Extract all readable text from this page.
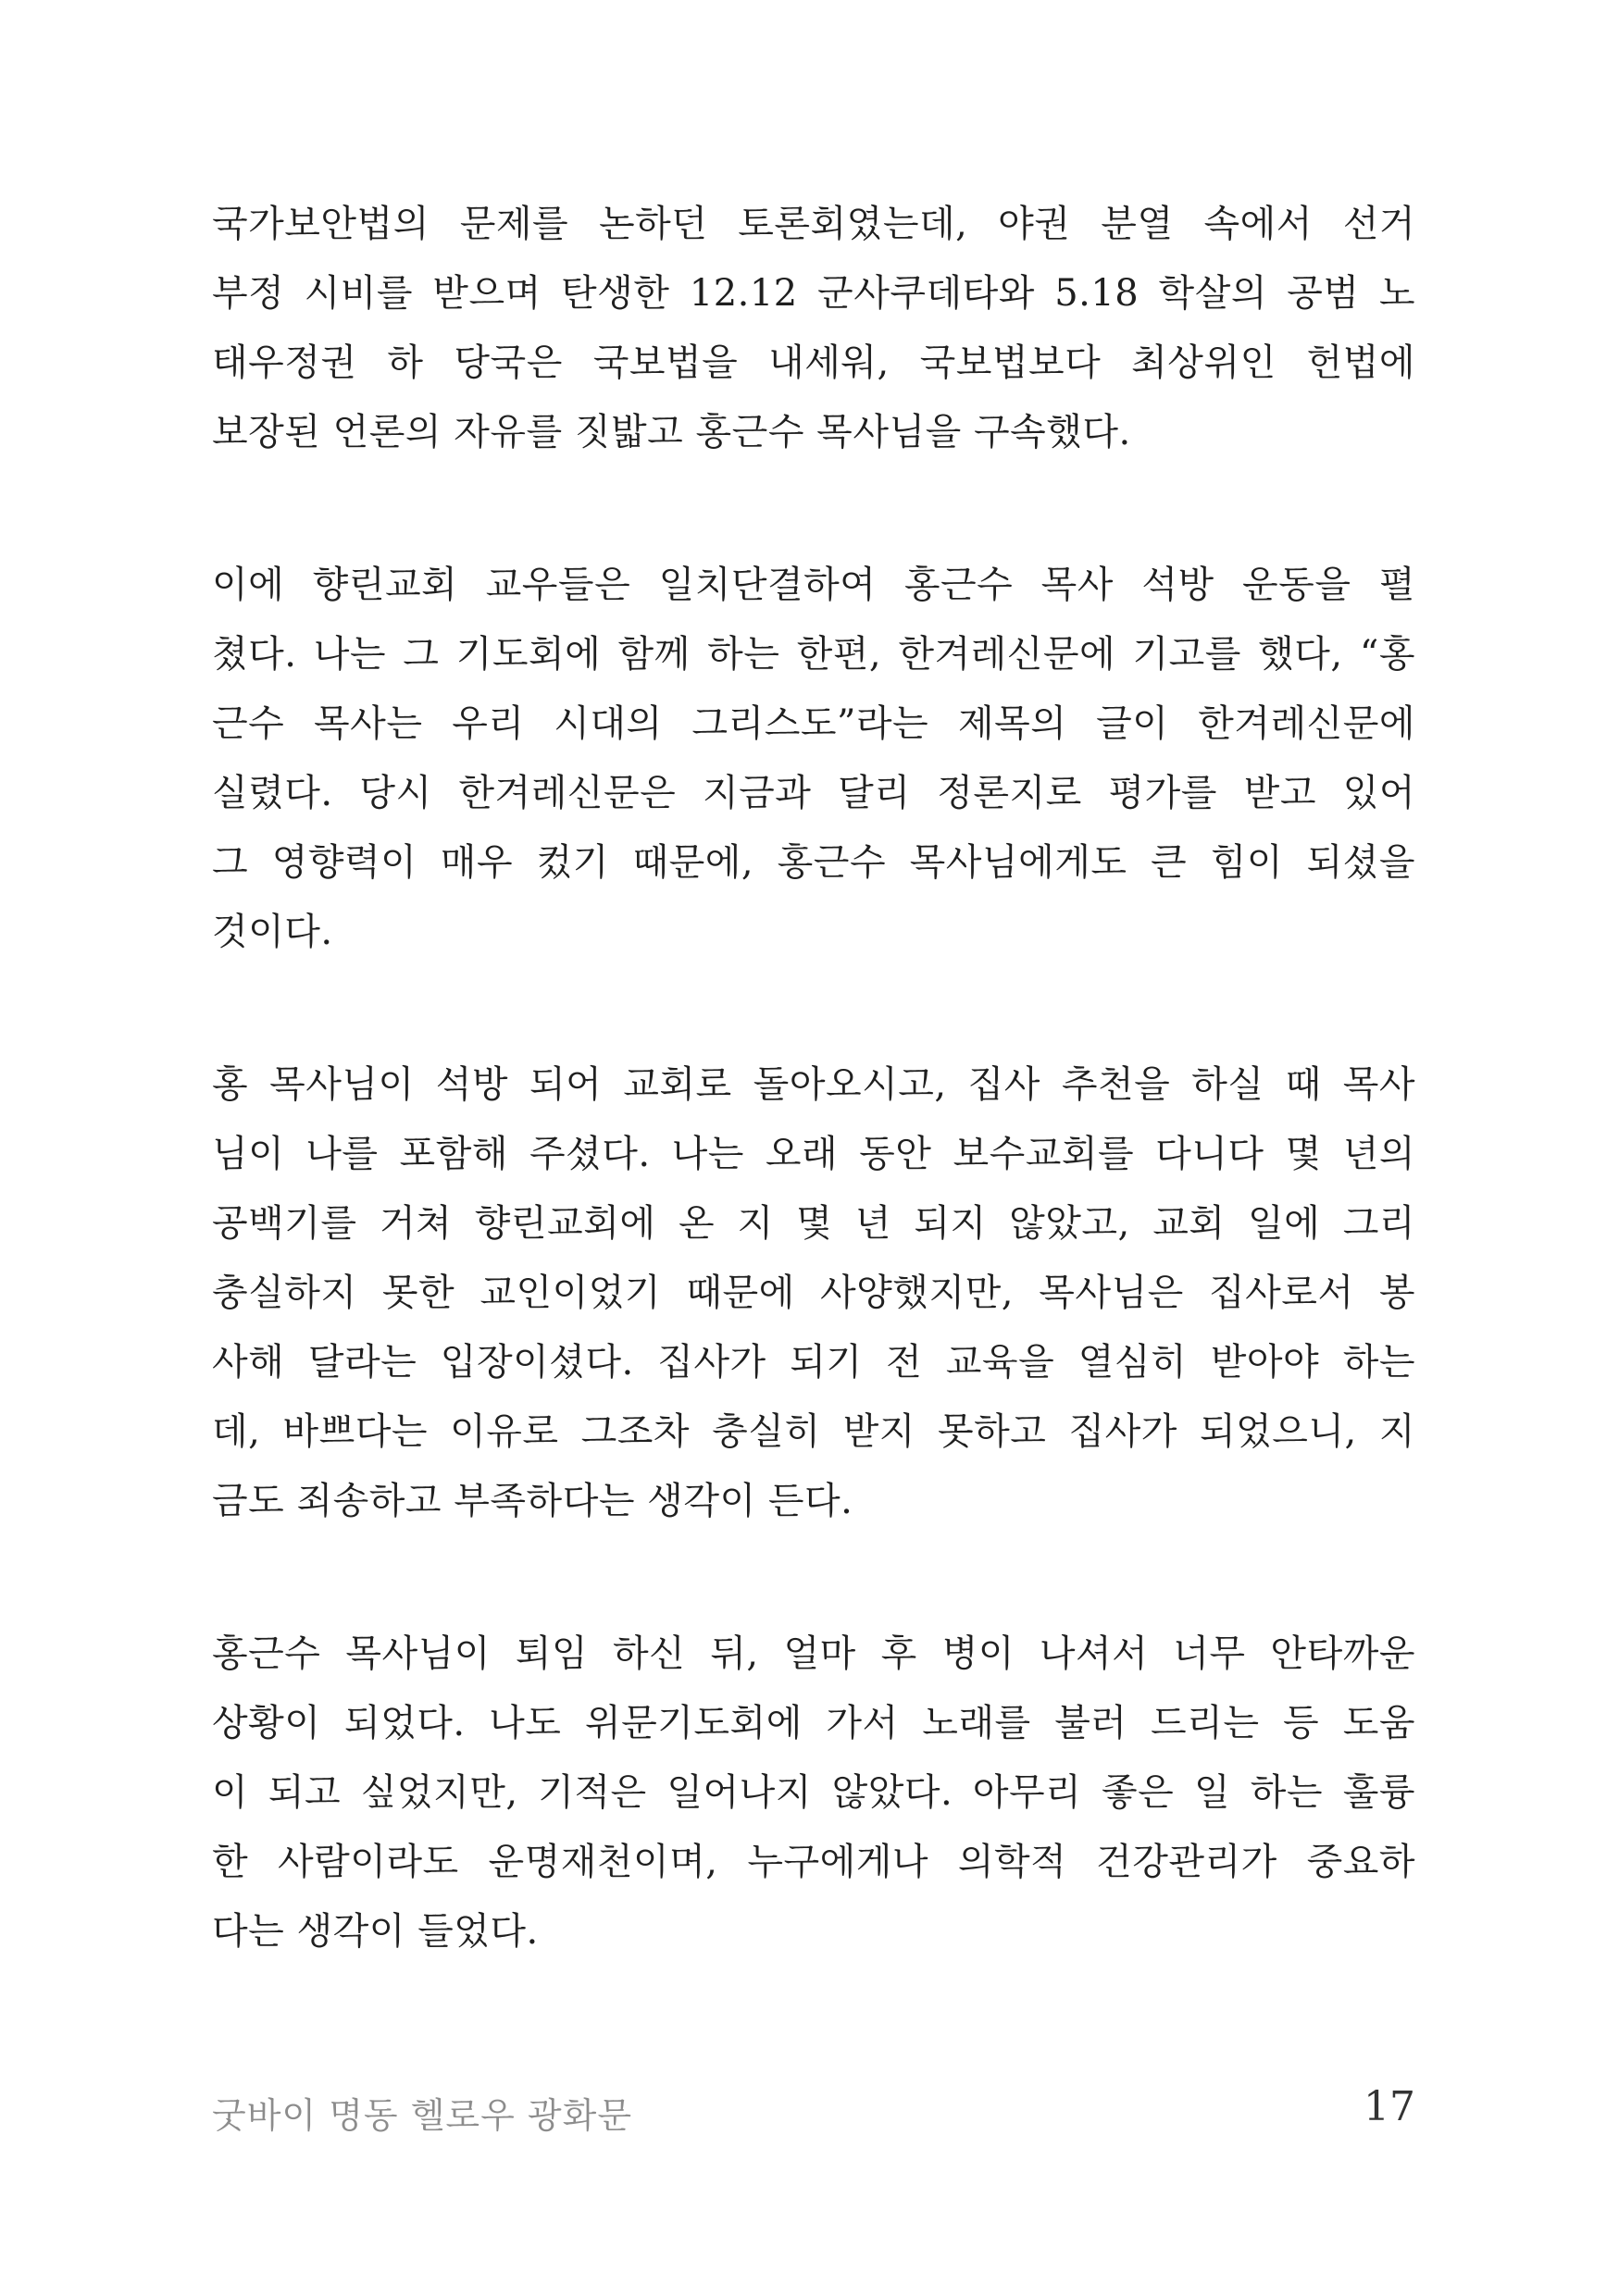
국가보안법의 문제를 논하던 토론회였는데, 야권 분열 속에서 선거
부정 시비를 받으며 탄생한 12.12 군사쿠데타와 5.18 학살의 공범 노
태우정권 하 당국은 국보법을 내세워, 국보법보다 최상위인 헌법에
보장된 언론의 자유를 짓밟고 홍근수 목사님을 구속했다.
이에 향린교회 교우들은 일치단결하여 홍근수 목사 석방 운동을 펼
쳤다. 나는 그 기도회에 함께 하는 한편, 한겨레신문에 기고를 했다, “홍
근수 목사는 우리 시대의 그리스도”라는 제목의 글이 한겨레신문에
실렸다. 당시 한겨레신문은 지금과 달리 정론지로 평가를 받고 있어
그 영향력이 매우 컸기 때문에, 홍근수 목사님에게도 큰 힘이 되셨을
것이다.
홍 목사님이 석방 되어 교회로 돌아오시고, 집사 추천을 하실 때 목사
님이 나를 포함해 주셨다. 나는 오래 동안 보수교회를 다니다 몇 년의
공백기를 거쳐 향린교회에 온 지 몇 년 되지 않았고, 교회 일에 그리
충실하지 못한 교인이었기 때문에 사양했지만, 목사님은 집사로서 봉
사해 달라는 입장이셨다. 집사가 되기 전 교육을 열심히 받아야 하는
데, 바쁘다는 이유로 그조차 충실히 받지 못하고 집사가 되었으니, 지
금도 죄송하고 부족하다는 생각이 든다.
홍근수 목사님이 퇴임 하신 뒤, 얼마 후 병이 나셔서 너무 안타까운
상황이 되었다. 나도 위문기도회에 가서 노래를 불러 드리는 등 도움
이 되고 싶었지만, 기적은 일어나지 않았다. 아무리 좋은 일 하는 훌륭
한 사람이라도 운명재천이며, 누구에게나 의학적 건강관리가 중요하
다는 생각이 들었다.
굿바이 명동 헬로우 광화문	17
